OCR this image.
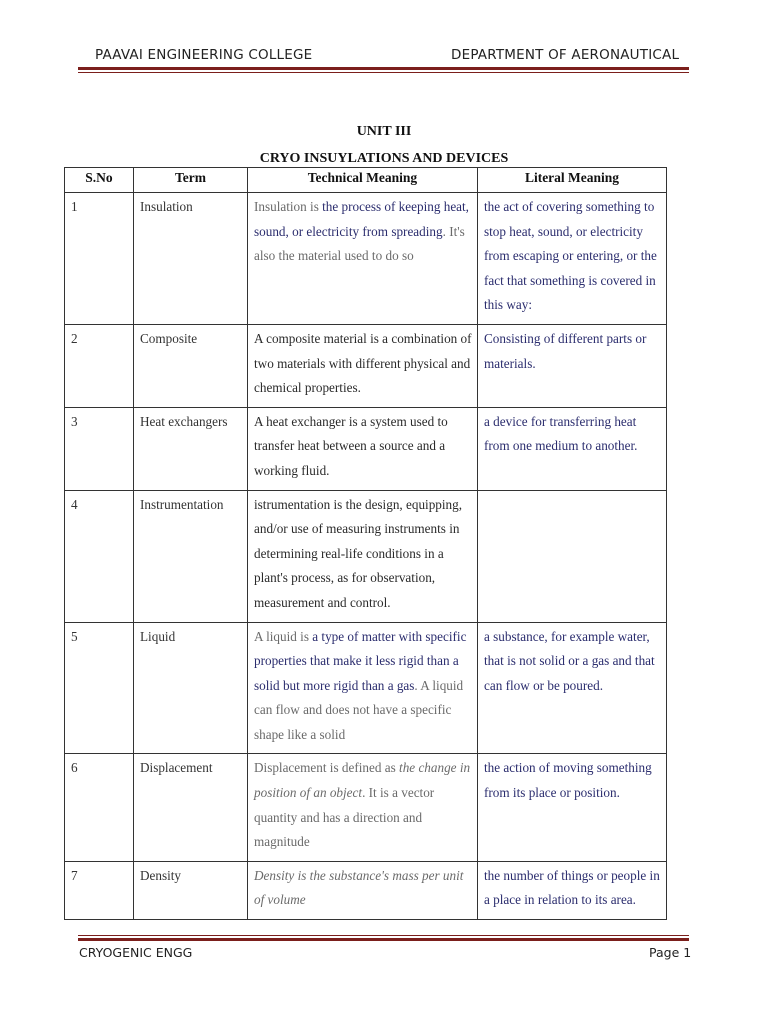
PAAVAI ENGINEERING COLLEGE	DEPARTMENT OF AERONAUTICAL
UNIT III
CRYO INSUYLATIONS AND DEVICES
S.No	Term	Technical Meaning	Literal Meaning
1	Insulation	Insulation is the process of keeping heat, sound, or electricity from spreading. It's also the material used to do so	the act of covering something to stop heat, sound, or electricity from escaping or entering, or the fact that something is covered in this way:
2	Composite	A composite material is a combination of two materials with different physical and chemical properties.	Consisting of different parts or materials.
3	Heat exchangers	A heat exchanger is a system used to transfer heat between a source and a working fluid.	a device for transferring heat from one medium to another.
4	Instrumentation	istrumentation is the design, equipping, and/or use of measuring instruments in determining real-life conditions in a plant's process, as for observation, measurement and control.	
5	Liquid	A liquid is a type of matter with specific properties that make it less rigid than a solid but more rigid than a gas. A liquid can flow and does not have a specific shape like a solid	a substance, for example water, that is not solid or a gas and that can flow or be poured.
6	Displacement	Displacement is defined as the change in position of an object. It is a vector quantity and has a direction and magnitude	the action of moving something from its place or position.
7	Density	Density is the substance's mass per unit of volume	the number of things or people in a place in relation to its area.
CRYOGENIC ENGG	Page 1
